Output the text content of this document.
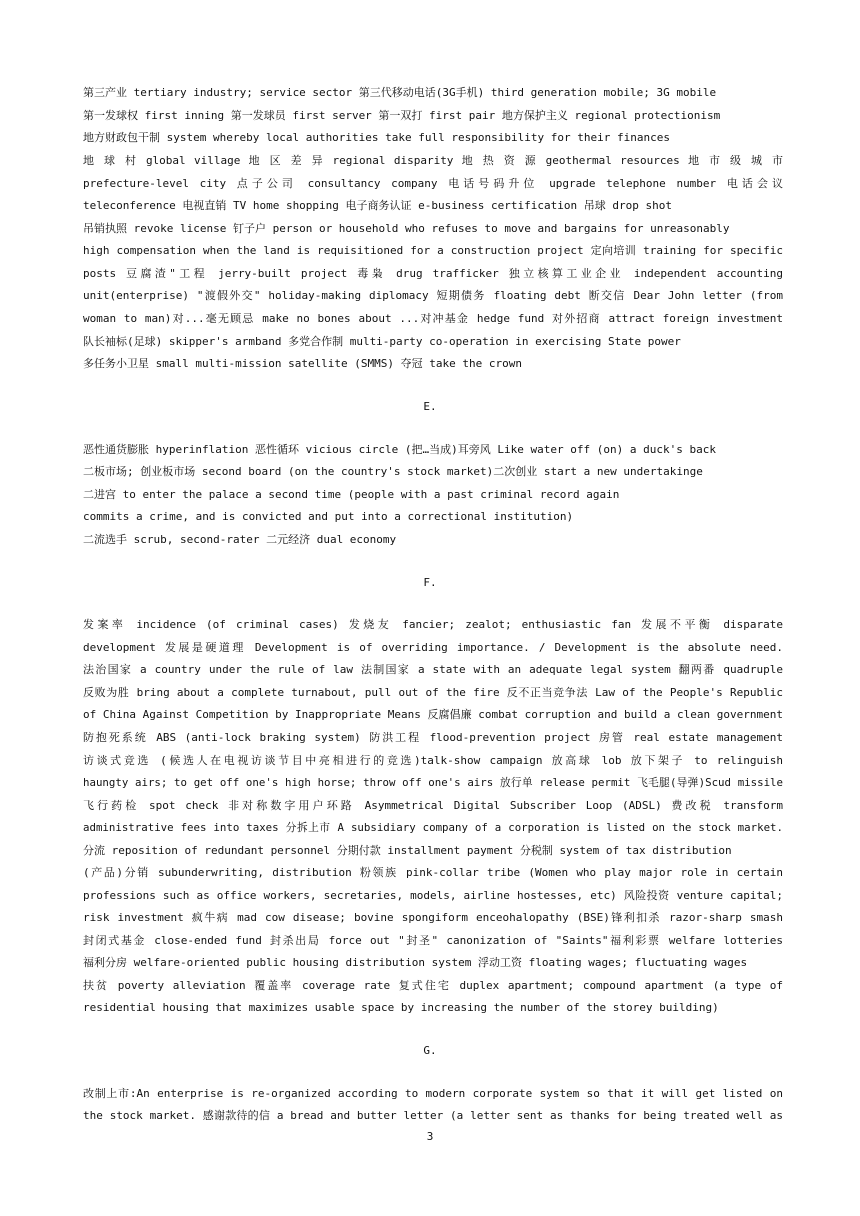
第三产业 tertiary industry; service sector 第三代移动电话(3G手机) third generation mobile; 3G mobile
第一发球权 first inning 第一发球员 first server 第一双打 first pair 地方保护主义 regional protectionism
地方财政包干制 system whereby local authorities take full responsibility for their finances
地 球 村 global village 地 区 差 异 regional disparity 地 热 资 源 geothermal resources 地 市 级 城 市
prefecture-level city 点子公司 consultancy company 电话号码升位 upgrade telephone number 电话会议
teleconference 电视直销 TV home shopping 电子商务认证 e-business certification 吊球 drop shot
吊销执照 revoke license 钉子户 person or household who refuses to move and bargains for unreasonably
high compensation when the land is requisitioned for a construction project 定向培训 training for specific
posts 豆腐渣"工程 jerry-built project 毒枭 drug trafficker 独立核算工业企业 independent accounting
unit(enterprise) "渡假外交" holiday-making diplomacy 短期债务 floating debt 断交信 Dear John letter (from
woman to man)对...毫无顾忌 make no bones about ...对冲基金 hedge fund 对外招商 attract foreign investment
队长袖标(足球) skipper's armband 多党合作制 multi-party co-operation in exercising State power
多任务小卫星 small multi-mission satellite (SMMS) 夺冠 take the crown
E.
恶性通货膨胀 hyperinflation 恶性循环 vicious circle (把…当成)耳旁风 Like water off (on) a duck's back
二板市场; 创业板市场 second board (on the country's stock market)二次创业 start a new undertakinge
二进宫 to enter the palace a second time (people with a past criminal record again
commits a crime, and is convicted and put into a correctional institution)
二流选手 scrub, second-rater 二元经济 dual economy
F.
发案率 incidence (of criminal cases) 发烧友 fancier; zealot; enthusiastic fan 发展不平衡 disparate
development 发展是硬道理 Development is of overriding importance. / Development is the absolute need.
法治国家 a country under the rule of law 法制国家 a state with an adequate legal system 翻两番 quadruple
反败为胜 bring about a complete turnabout, pull out of the fire 反不正当竞争法 Law of the People's Republic
of China Against Competition by Inappropriate Means 反腐倡廉 combat corruption and build a clean government
防抱死系统 ABS (anti-lock braking system) 防洪工程 flood-prevention project 房管 real estate management
访谈式竞选 (候选人在电视访谈节目中亮相进行的竞选)talk-show campaign 放高球 lob 放下架子 to relinguish
haungty airs; to get off one's high horse; throw off one's airs 放行单 release permit 飞毛腿(导弹)Scud missile
飞行药检 spot check 非对称数字用户环路 Asymmetrical Digital Subscriber Loop (ADSL) 费改税 transform
administrative fees into taxes 分拆上市 A subsidiary company of a corporation is listed on the stock market.
分流 reposition of redundant personnel 分期付款 installment payment 分税制 system of tax distribution
(产品)分销 subunderwriting, distribution 粉领族 pink-collar tribe (Women who play major role in certain
professions such as office workers, secretaries, models, airline hostesses, etc) 风险投资 venture capital;
risk investment 疯牛病 mad cow disease; bovine spongiform enceohalopathy (BSE)锋利扣杀 razor-sharp smash
封闭式基金 close-ended fund 封杀出局 force out "封圣" canonization of "Saints"福利彩票 welfare lotteries
福利分房 welfare-oriented public housing distribution system 浮动工资 floating wages; fluctuating wages
扶贫 poverty alleviation 覆盖率 coverage rate 复式住宅 duplex apartment; compound apartment (a type of
residential housing that maximizes usable space by increasing the number of the storey building)
G.
改制上市:An enterprise is re-organized according to modern corporate system so that it will get listed on
the stock market. 感谢款待的信 a bread and butter letter (a letter sent as thanks for being treated well as
3
